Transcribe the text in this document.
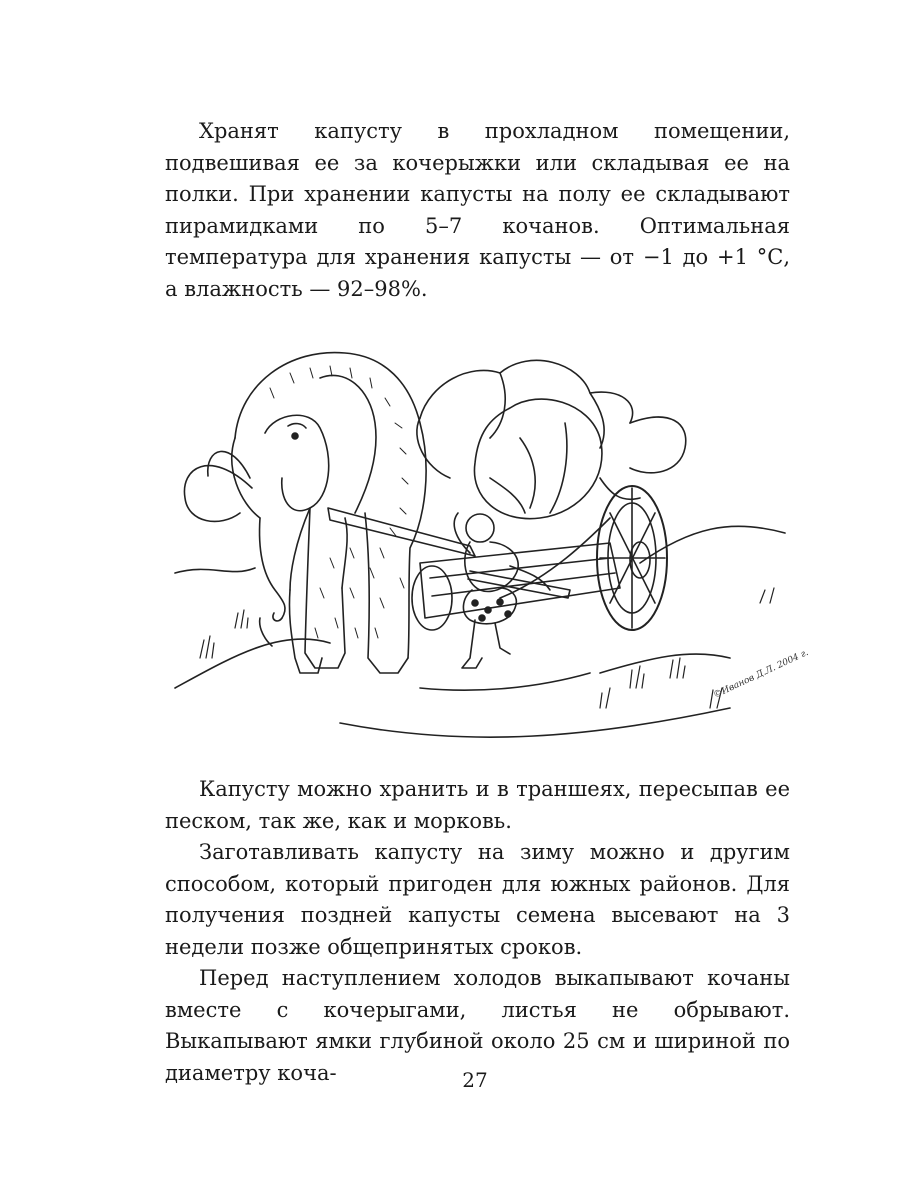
Хранят капусту в прохладном помещении, подвешивая ее за кочерыжки или складывая ее на полки. При хранении капусты на полу ее складывают пирамидками по 5–7 кочанов. Оптимальная температура для хранения капусты — от −1 до +1 °С, а влажность — 92–98%.

©Иванов Д.Л. 2004 г.

Капусту можно хранить и в траншеях, пересыпав ее песком, так же, как и морковь.

Заготавливать капусту на зиму можно и другим способом, который пригоден для южных районов. Для получения поздней капусты семена высевают на 3 недели позже общепринятых сроков.

Перед наступлением холодов выкапывают кочаны вместе с кочерыгами, листья не обрывают. Выкапывают ямки глубиной около 25 см и шириной по диаметру коча-	27
